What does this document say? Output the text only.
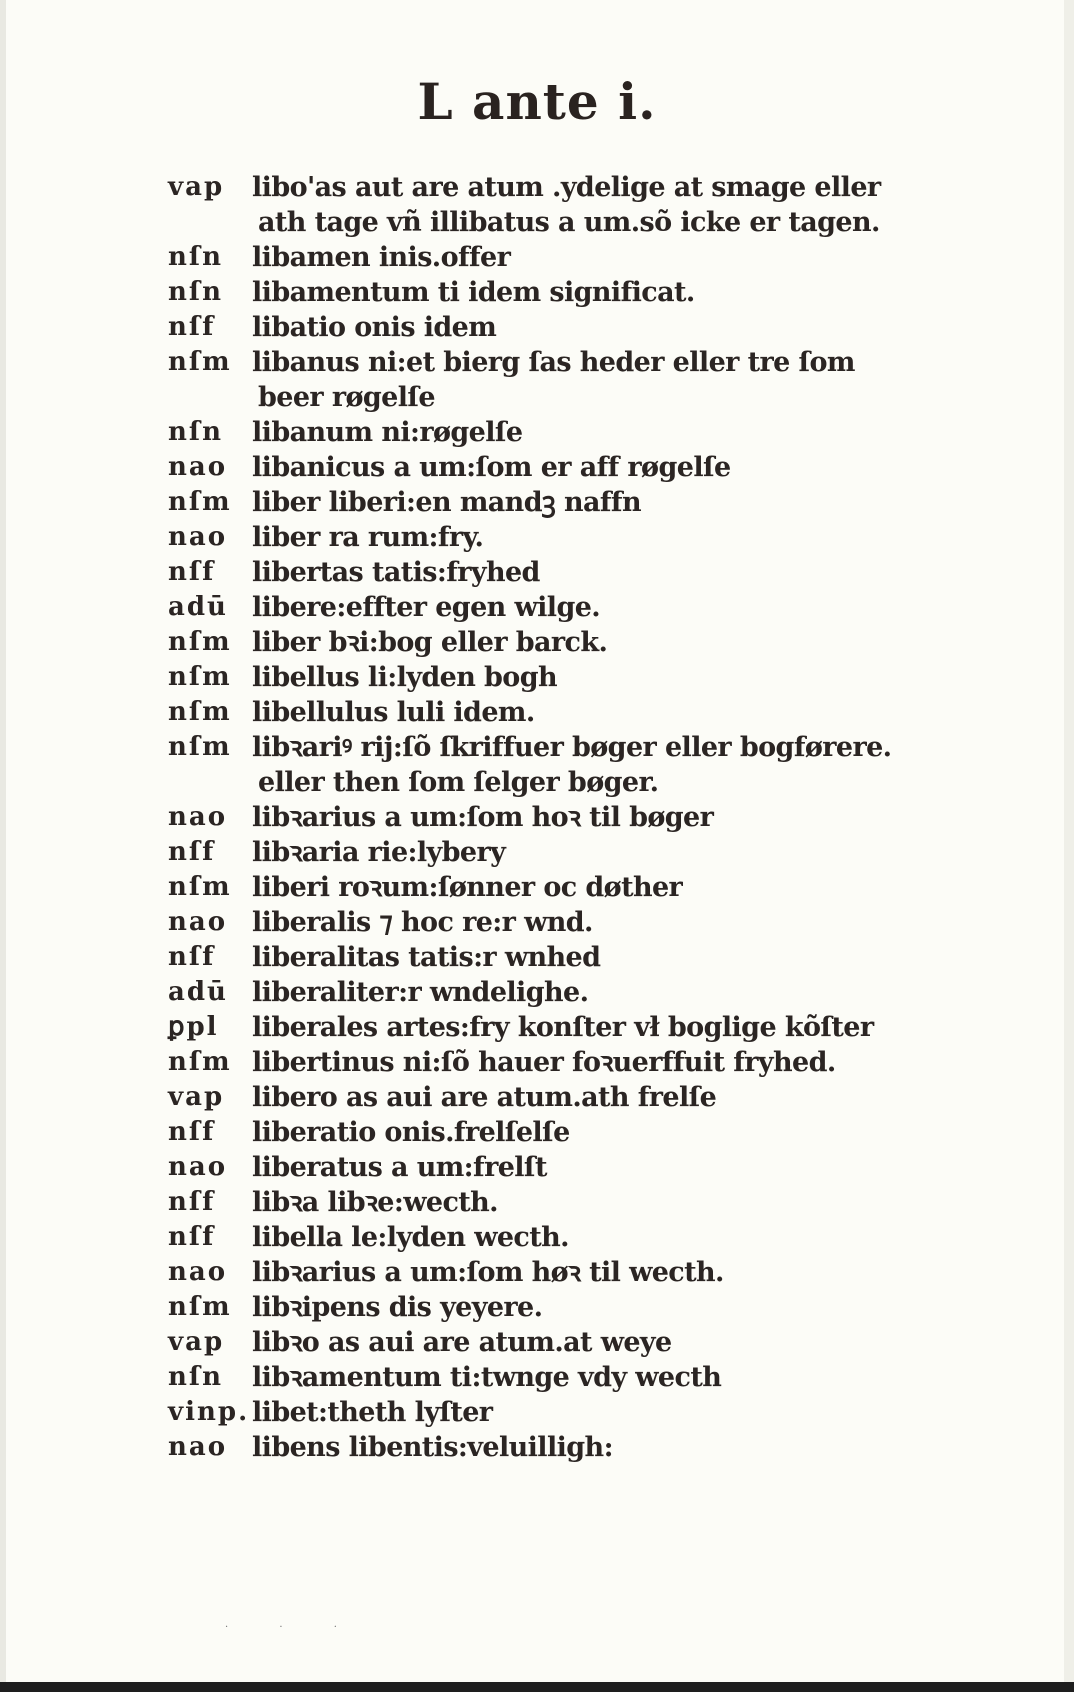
L ante i.
vap	libo'as aut are atum .ydelige at smage eller
ath tage vñ illibatus a um.sõ icke er tagen.
nſn	libamen inis.offer
nſn	libamentum ti idem significat.
nſf	libatio onis idem
nſm libanus ni:et bierg ſas heder eller tre ſom
beer røgelſe
nſn	libanum ni:røgelſe
nao libanicus a um:ſom er aff røgelſe
nſm liber liberi:en mandꝫ naffn
nao liber ra rum:fry.
nſf	libertas tatis:fryhed
adū libere:effter egen wilge.
nſm liber bꝛi:bog eller barck.
nſm libellus li:lyden bogh
nſm libellulus luli idem.
nſm libꝛariꝰ rij:ſõ ſkriffuer bøger eller bogførere.
eller then ſom ſelger bøger.
nao libꝛarius a um:ſom hoꝛ til bøger
nſf	libꝛaria rie:lybery
nſm liberi roꝛum:ſønner oc døther
nao liberalis ⁊ hoc re:r wnd.
nſf	liberalitas tatis:r wnhed
adū liberaliter:r wndelighe.
ꝑpl	liberales artes:fry konſter vł boglige kõſter
nſm libertinus ni:ſõ hauer foꝛuerffuit fryhed.
vap	libero as aui are atum.ath frelſe
nſf	liberatio onis.frelſelſe
nao liberatus a um:frelſt
nſf	libꝛa libꝛe:wecth.
nſf	libella le:lyden wecth.
nao libꝛarius a um:ſom høꝛ til wecth.
nſm libꝛipens dis yeyere.
vap	libꝛo as aui are atum.at weye
nſn	libꝛamentum ti:twnge vdy wecth
vinp. libet:theth lyſter
nao libens libentis:veluilligh:
· · ·
